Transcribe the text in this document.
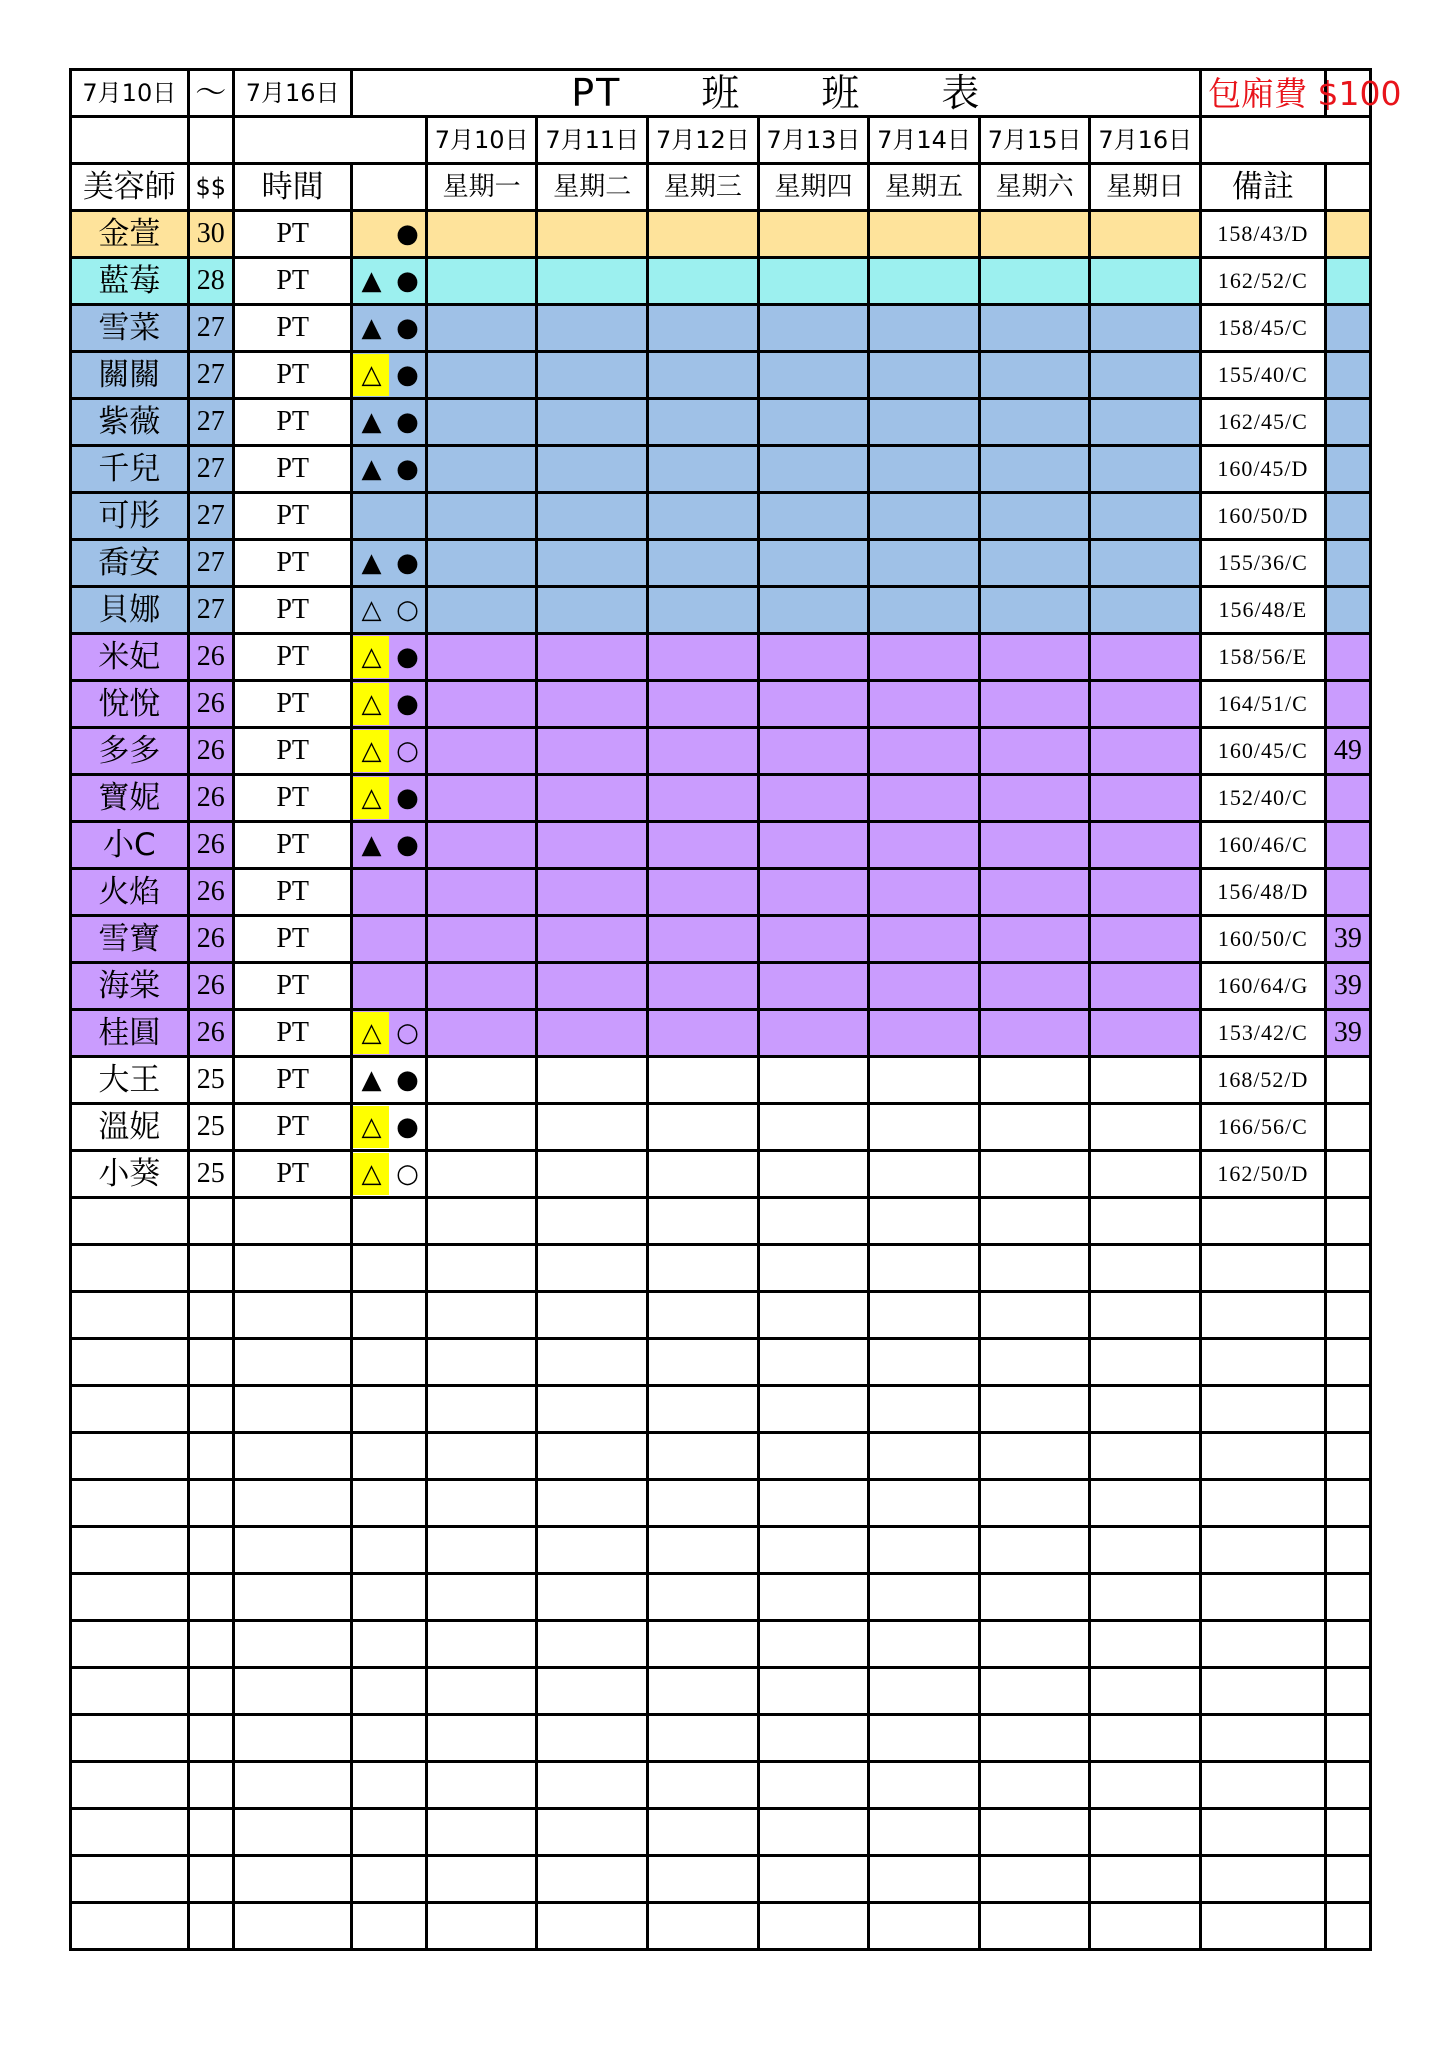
7月10日	～	7月16日	PT　　班　　班　　表								包廂費 $100	
				7月10日	7月11日	7月12日	7月13日	7月14日	7月15日	7月16日		
美容師	$$	時間		星期一	星期二	星期三	星期四	星期五	星期六	星期日	備註	
金萱	30	PT	●								158/43/D	
藍莓	28	PT	▲ ●								162/52/C	
雪菜	27	PT	▲ ●								158/45/C	
關關	27	PT	△ ●								155/40/C	
紫薇	27	PT	▲ ●								162/45/C	
千兒	27	PT	▲ ●								160/45/D	
可彤	27	PT									160/50/D	
喬安	27	PT	▲ ●								155/36/C	
貝娜	27	PT	△ ○								156/48/E	
米妃	26	PT	△ ●								158/56/E	
悅悅	26	PT	△ ●								164/51/C	
多多	26	PT	△ ○								160/45/C	49
寶妮	26	PT	△ ●								152/40/C	
小C	26	PT	▲ ●								160/46/C	
火焰	26	PT									156/48/D	
雪寶	26	PT									160/50/C	39
海棠	26	PT									160/64/G	39
桂圓	26	PT	△ ○								153/42/C	39
大王	25	PT	▲ ●								168/52/D	
溫妮	25	PT	△ ●								166/56/C	
小葵	25	PT	△ ○								162/50/D	
